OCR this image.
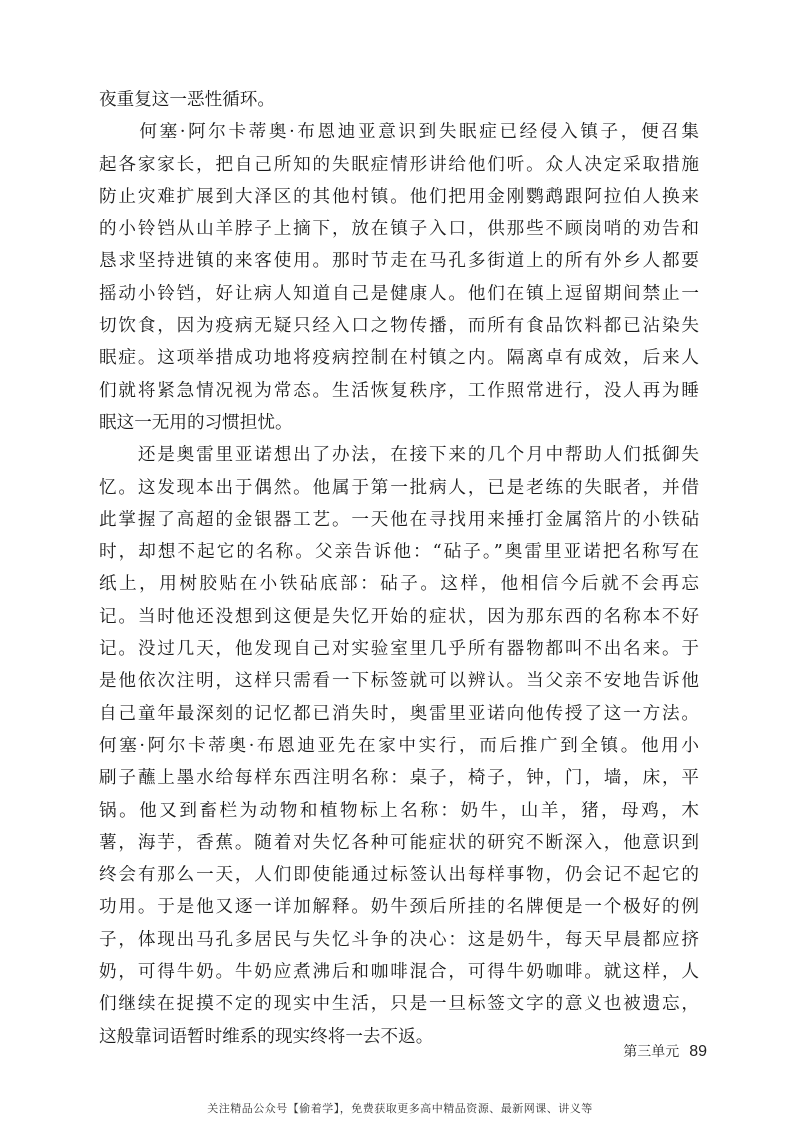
夜重复这一恶性循环。
　　何塞·阿尔卡蒂奥·布恩迪亚意识到失眠症已经侵入镇子，便召集
起各家家长，把自己所知的失眠症情形讲给他们听。众人决定采取措施
防止灾难扩展到大泽区的其他村镇。他们把用金刚鹦鹉跟阿拉伯人换来
的小铃铛从山羊脖子上摘下，放在镇子入口，供那些不顾岗哨的劝告和
恳求坚持进镇的来客使用。那时节走在马孔多街道上的所有外乡人都要
摇动小铃铛，好让病人知道自己是健康人。他们在镇上逗留期间禁止一
切饮食，因为疫病无疑只经入口之物传播，而所有食品饮料都已沾染失
眠症。这项举措成功地将疫病控制在村镇之内。隔离卓有成效，后来人
们就将紧急情况视为常态。生活恢复秩序，工作照常进行，没人再为睡
眠这一无用的习惯担忧。
　　还是奥雷里亚诺想出了办法，在接下来的几个月中帮助人们抵御失
忆。这发现本出于偶然。他属于第一批病人，已是老练的失眠者，并借
此掌握了高超的金银器工艺。一天他在寻找用来捶打金属箔片的小铁砧
时，却想不起它的名称。父亲告诉他：“砧子。”奥雷里亚诺把名称写在
纸上，用树胶贴在小铁砧底部：砧子。这样，他相信今后就不会再忘
记。当时他还没想到这便是失忆开始的症状，因为那东西的名称本不好
记。没过几天，他发现自己对实验室里几乎所有器物都叫不出名来。于
是他依次注明，这样只需看一下标签就可以辨认。当父亲不安地告诉他
自己童年最深刻的记忆都已消失时，奥雷里亚诺向他传授了这一方法。
何塞·阿尔卡蒂奥·布恩迪亚先在家中实行，而后推广到全镇。他用小
刷子蘸上墨水给每样东西注明名称：桌子，椅子，钟，门，墙，床，平
锅。他又到畜栏为动物和植物标上名称：奶牛，山羊，猪，母鸡，木
薯，海芋，香蕉。随着对失忆各种可能症状的研究不断深入，他意识到
终会有那么一天，人们即使能通过标签认出每样事物，仍会记不起它的
功用。于是他又逐一详加解释。奶牛颈后所挂的名牌便是一个极好的例
子，体现出马孔多居民与失忆斗争的决心：这是奶牛，每天早晨都应挤
奶，可得牛奶。牛奶应煮沸后和咖啡混合，可得牛奶咖啡。就这样，人
们继续在捉摸不定的现实中生活，只是一旦标签文字的意义也被遗忘，
这般靠词语暂时维系的现实终将一去不返。
第三单元 89
关注精品公众号【偷着学】，免费获取更多高中精品资源、最新网课、讲义等
